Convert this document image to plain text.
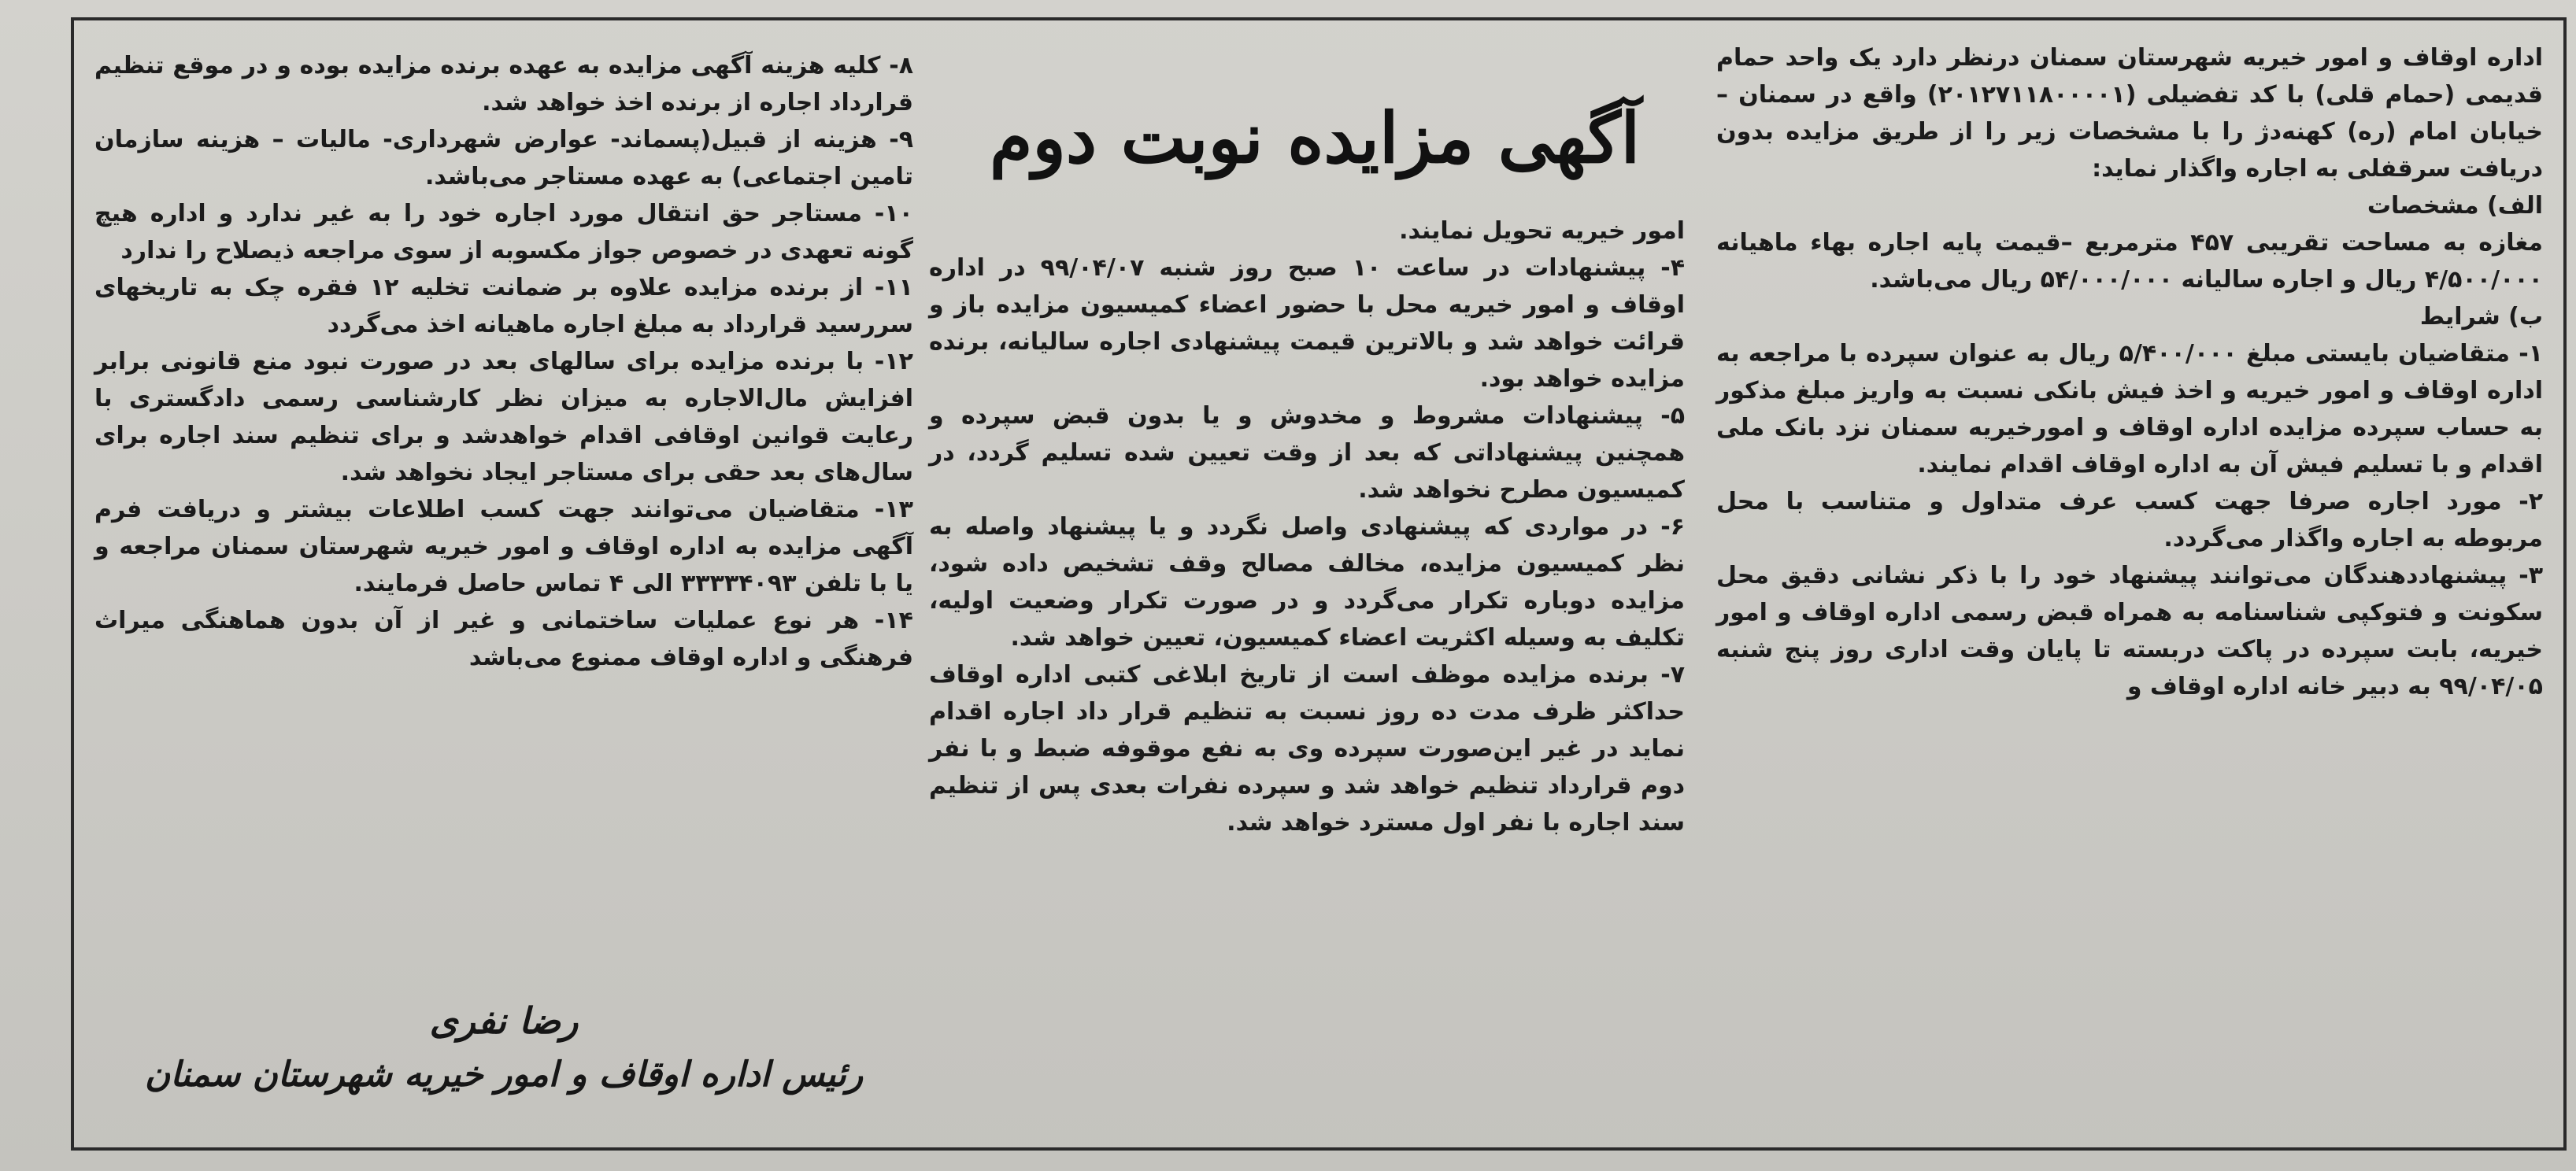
اداره اوقاف و امور خیریه شهرستان سمنان درنظر دارد یک واحد حمام قدیمی (حمام قلی) با کد تفضیلی (۲۰۱۲۷۱۱۸۰۰۰۰۱) واقع در سمنان – خیابان امام (ره) کهنه‌دژ را با مشخصات زیر را از طریق مزایده بدون دریافت سرقفلی به اجاره واگذار نماید:

الف) مشخصات

مغازه به مساحت تقریبی ۴۵۷ مترمربع –قیمت پایه اجاره بهاء ماهیانه ۴/۵۰۰/۰۰۰ ریال و اجاره سالیانه ۵۴/۰۰۰/۰۰۰ ریال می‌باشد.

ب) شرایط

۱- متقاضیان بایستی مبلغ ۵/۴۰۰/۰۰۰ ریال به عنوان سپرده با مراجعه به اداره اوقاف و امور خیریه و اخذ فیش بانکی نسبت به واریز مبلغ مذکور به حساب سپرده مزایده اداره اوقاف و امورخیریه سمنان نزد بانک ملی اقدام و با تسلیم فیش آن به اداره اوقاف اقدام نمایند.

۲- مورد اجاره صرفا جهت کسب عرف متداول و متناسب با محل مربوطه به اجاره واگذار می‌گردد.

۳- پیشنهاددهندگان می‌توانند پیشنهاد خود را با ذکر نشانی دقیق محل سکونت و فتوکپی شناسنامه به همراه قبض رسمی اداره اوقاف و امور خیریه، بابت سپرده در پاکت دربسته تا پایان وقت اداری روز پنج شنبه ۹۹/۰۴/۰۵ به دبیر خانه اداره اوقاف و

آگهی مزایده نوبت دوم

امور خیریه تحویل نمایند.

۴- پیشنهادات در ساعت ۱۰ صبح روز شنبه ۹۹/۰۴/۰۷ در اداره اوقاف و امور خیریه محل با حضور اعضاء کمیسیون مزایده باز و قرائت خواهد شد و بالاترین قیمت پیشنهادی اجاره سالیانه، برنده مزایده خواهد بود.

۵- پیشنهادات مشروط و مخدوش و یا بدون قبض سپرده و همچنین پیشنهاداتی که بعد از وقت تعیین شده تسلیم گردد، در کمیسیون مطرح نخواهد شد.

۶- در مواردی که پیشنهادی واصل نگردد و یا پیشنهاد واصله به نظر کمیسیون مزایده، مخالف مصالح وقف تشخیص داده شود، مزایده دوباره تکرار می‌گردد و در صورت تکرار وضعیت اولیه، تکلیف به وسیله اکثریت اعضاء کمیسیون، تعیین خواهد شد.

۷- برنده مزایده موظف است از تاریخ ابلاغی کتبی اداره اوقاف حداکثر ظرف مدت ده روز نسبت به تنظیم قرار داد اجاره اقدام نماید در غیر این‌صورت سپرده وی به نفع موقوفه ضبط و با نفر دوم قرارداد تنظیم خواهد شد و سپرده نفرات بعدی پس از تنظیم سند اجاره با نفر اول مسترد خواهد شد.

۸- کلیه هزینه آگهی مزایده به عهده برنده مزایده بوده و در موقع تنظیم قرارداد اجاره از برنده اخذ خواهد شد.

۹- هزینه از قبیل(پسماند- عوارض شهرداری- مالیات – هزینه سازمان تامین اجتماعی) به عهده مستاجر می‌باشد.

۱۰- مستاجر حق انتقال مورد اجاره خود را به غیر ندارد و اداره هیچ گونه تعهدی در خصوص جواز مکسوبه از سوی مراجعه ذیصلاح را ندارد

۱۱- از برنده مزایده علاوه بر ضمانت تخلیه ۱۲ فقره چک به تاریخهای سررسید قرارداد به مبلغ اجاره ماهیانه اخذ می‌گردد

۱۲- با برنده مزایده برای سالهای بعد در صورت نبود منع قانونی برابر افزایش مال‌الاجاره به میزان نظر کارشناسی رسمی دادگستری با رعایت قوانین اوقافی اقدام خواهدشد و برای تنظیم سند اجاره برای سال‌های بعد حقی برای مستاجر ایجاد نخواهد شد.

۱۳- متقاضیان می‌توانند جهت کسب اطلاعات بیشتر و دریافت فرم آگهی مزایده به اداره اوقاف و امور خیریه شهرستان سمنان مراجعه و یا با تلفن ۳۳۳۳۴۰۹۳ الی ۴ تماس حاصل فرمایند.

۱۴- هر نوع عملیات ساختمانی و غیر از آن بدون هماهنگی میراث فرهنگی و اداره اوقاف ممنوع می‌باشد

رضا نفری
رئیس اداره اوقاف و امور خیریه شهرستان سمنان
